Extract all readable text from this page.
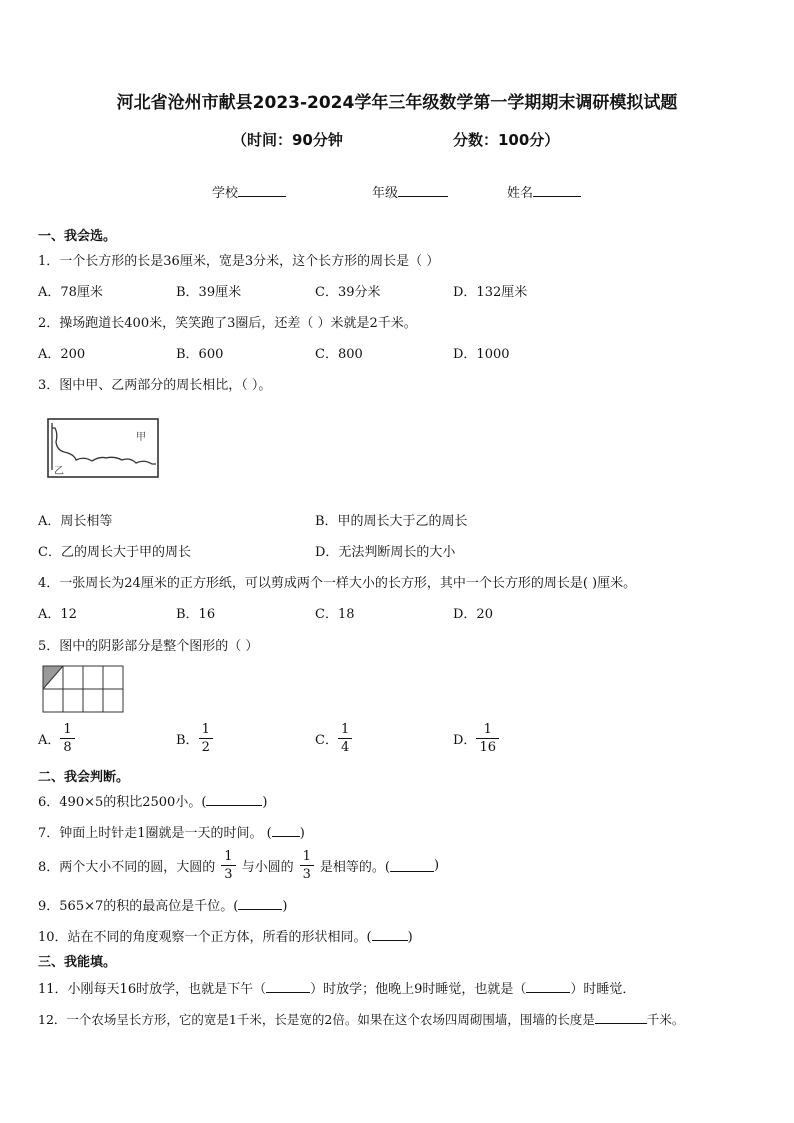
河北省沧州市献县2023-2024学年三年级数学第一学期期末调研模拟试题
（时间：90分钟	分数：100分）
学校	年级	姓名
一、我会选。
1．一个长方形的长是36厘米，宽是3分米，这个长方形的周长是（ ）
A．78厘米	B．39厘米	C．39分米	D．132厘米
2．操场跑道长400米，笑笑跑了3圈后，还差（ ）米就是2千米。
A．200	B．600	C．800	D．1000
3．图中甲、乙两部分的周长相比，（ ）。
甲
乙
A．周长相等	B．甲的周长大于乙的周长
C．乙的周长大于甲的周长	D．无法判断周长的大小
4．一张周长为24厘米的正方形纸，可以剪成两个一样大小的长方形，其中一个长方形的周长是( )厘米。
A．12	B．16	C．18	D．20
5．图中的阴影部分是整个图形的（ ）
A． $\frac{1}{8}$	B． $\frac{1}{2}$	C． $\frac{1}{4}$	D． $\frac{1}{16}$
二、我会判断。
6．490×5的积比2500小。(	)
7．钟面上时针走1圈就是一天的时间。 ( )
8．两个大小不同的圆，大圆的 $\frac{1}{3}$ 与小圆的 $\frac{1}{3}$ 是相等的。(	)
9．565×7的积的最高位是千位。(	)
10．站在不同的角度观察一个正方体，所看的形状相同。(	)
三、我能填。
11．小刚每天16时放学，也就是下午（	）时放学；他晚上9时睡觉，也就是（	）时睡觉．
12．一个农场呈长方形，它的宽是1千米，长是宽的2倍。如果在这个农场四周砌围墙，围墙的长度是	千米。
